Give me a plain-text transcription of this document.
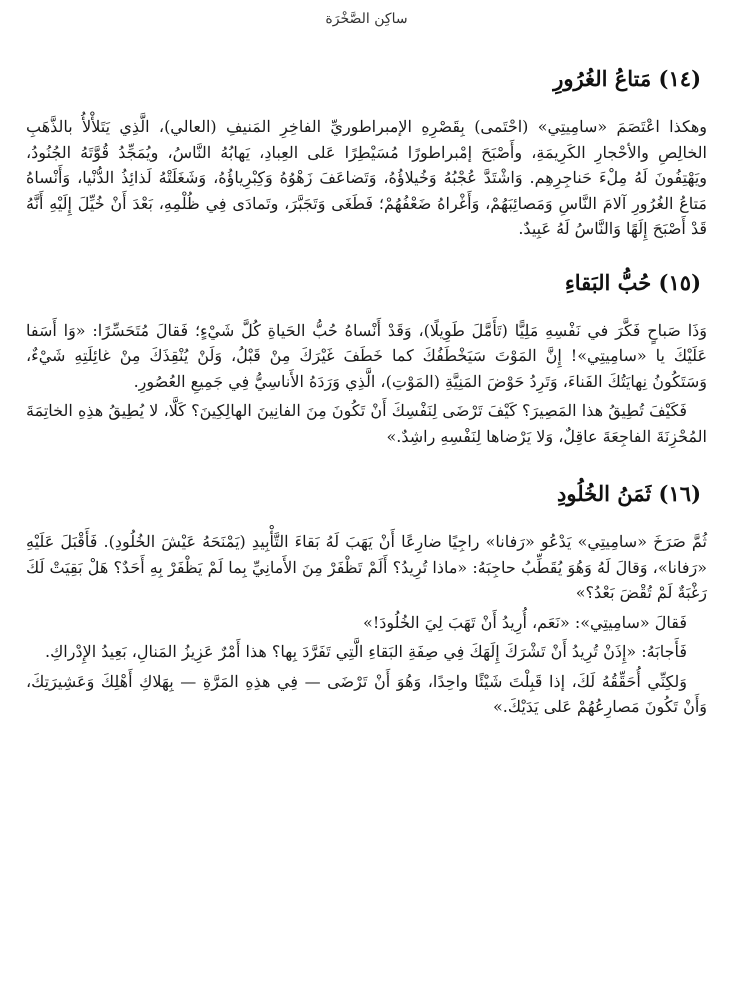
ساكِن الصَّخْرَة
(١٤) مَتاعُ الغُرُورِ

وهكذا اعْتَصَمَ «سامِيتِي» (احْتَمى) بِقَصْرِهِ الإمبراطوريِّ الفاخِرِ المَنيفِ (العالي)، الَّذِي يَتَلأْلأُ بالذَّهَبِ الخالِصِ والأحْجارِ الكَرِيمَةِ، وأَصْبَحَ إمْبراطورًا مُسَيْطِرًا عَلى العِبادِ، يَهابُهُ النَّاسُ، ويُمَجِّدُ قُوَّتَهُ الجُنُودُ، ويَهْتِفُونَ لَهُ مِلْءَ حَناجِرِهِم. وَاشْتَدَّ عُجْبُهُ وَخُيلاؤُهُ، وَتَضاعَفَ زَهْوُهُ وَكِبْرِياؤُهُ، وَشَغَلَتْهُ لَذائِذُ الدُّنْيا، وَأَنْساهُ مَتاعُ الغُرُورِ آلامَ النَّاسِ وَمَصائِبَهُمْ، وَأَغْراهُ ضَعْفُهُمْ؛ فَطَغَى وَتَجَبَّرَ، وتَمادَى فِي ظُلْمِهِ، بَعْدَ أَنْ خُيِّلَ إِلَيْهِ أَنَّهُ قَدْ أَصْبَحَ إِلَهًا وَالنَّاسُ لَهُ عَبِيدٌ.

(١٥) حُبُّ البَقاءِ

وَذَا صَباحٍ فَكَّرَ في نَفْسِهِ مَلِيًّا (تَأَمَّلَ طَوِيلًا)، وَقَدْ أَنْساهُ حُبُّ الحَياةِ كُلَّ شَيْءٍ؛ فَقالَ مُتَحَسِّرًا: «وَا أَسَفا عَلَيْكَ يا «سامِيتِي»! إِنَّ المَوْتَ سَيَخْطَفُكَ كما خَطَفَ غَيْرَكَ مِنْ قَبْلُ، وَلَنْ يُنْقِذَكَ مِنْ غائِلَتِهِ شَيْءٌ، وَسَتَكُونُ نِهايَتُكَ الفَناءَ، وَتَرِدُ حَوْضَ المَنِيَّةِ (المَوْتِ)، الَّذِي وَرَدَهُ الأَناسِيُّ فِي جَمِيعِ العُصُورِ.

فَكَيْفَ تُطِيقُ هذا المَصِيرَ؟ كَيْفَ تَرْضَى لِنَفْسِكَ أَنْ تَكُونَ مِنَ الفانِينَ الهالِكِينَ؟ كَلَّا، لا يُطِيقُ هذِهِ الخاتِمَةَ المُحْزِنَةَ الفاجِعَةَ عاقِلٌ، وَلا يَرْضاها لِنَفْسِهِ راشِدٌ.»

(١٦) ثَمَنُ الخُلُودِ

ثُمَّ صَرَخَ «سامِيتِي» يَدْعُو «رَفانا» راجِيًا ضارِعًا أَنْ يَهَبَ لَهُ بَقاءَ التَّأْبِيدِ (يَمْنَحَهُ عَيْشَ الخُلُودِ). فَأَقْبَلَ عَلَيْهِ «رَفانا»، وَقالَ لَهُ وَهُوَ يُقَطِّبُ حاجِبَهُ: «ماذا تُرِيدُ؟ أَلَمْ تَظْفَرْ مِنَ الأَمانِيِّ بِما لَمْ يَظْفَرْ بِهِ أَحَدٌ؟ هَلْ بَقِيَتْ لَكَ رَغْبَةٌ لَمْ تُقْضَ بَعْدُ؟»

فَقالَ «سامِيتِي»: «نَعَم، أُرِيدُ أَنْ تَهَبَ لِيَ الخُلُودَ!»

فَأَجابَهُ: «إِذَنْ تُرِيدُ أَنْ تَشْرَكَ إِلَهَكَ فِي صِفَةِ البَقاءِ الَّتِي تَفَرَّدَ بِها؟ هذا أَمْرٌ عَزِيزُ المَنالِ، بَعِيدُ الإِدْراكِ.

وَلكِنِّي أُحَقِّقُهُ لَكَ، إذا قَبِلْتَ شَيْئًا واحِدًا، وَهُوَ أَنْ تَرْضَى — فِي هذِهِ المَرَّةِ — بِهَلاكِ أَهْلِكَ وَعَشِيرَتِكَ، وَأَنْ تَكُونَ مَصارِعُهُمْ عَلى يَدَيْكَ.»
